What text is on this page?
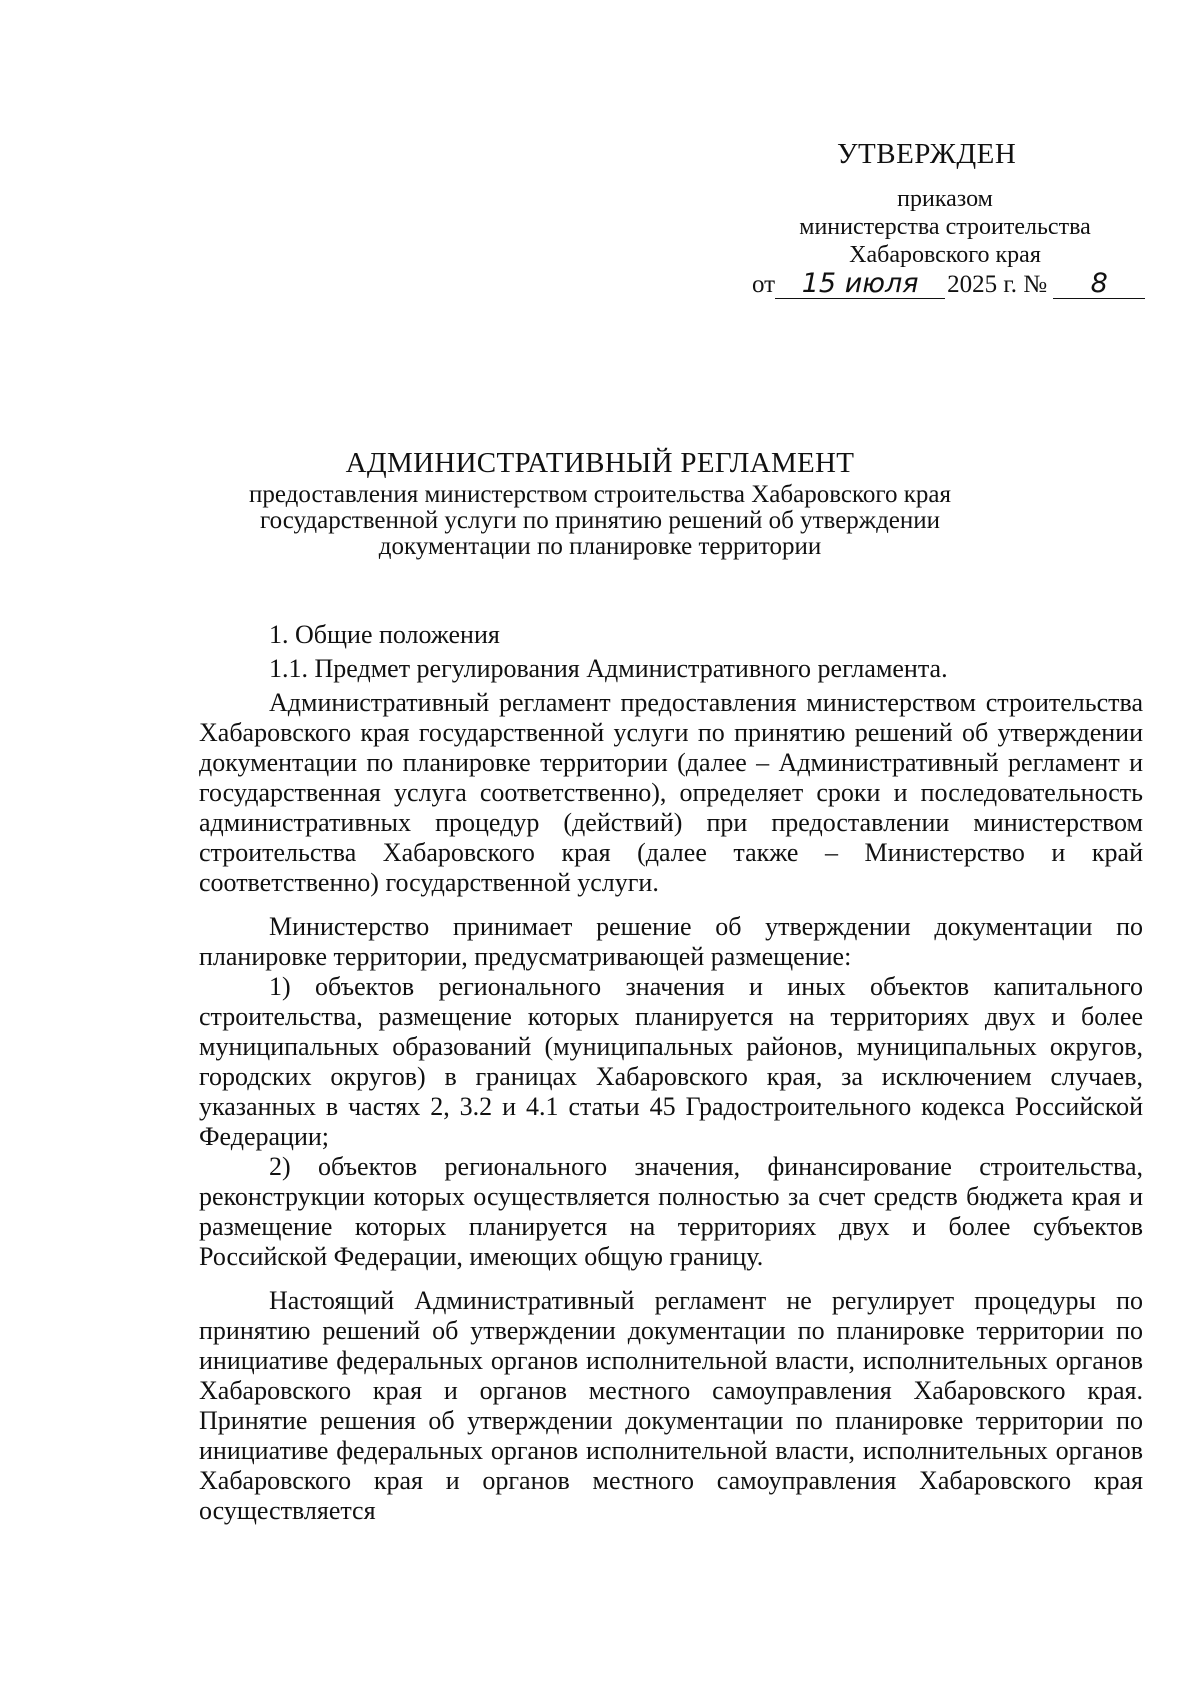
УТВЕРЖДЕН

приказом

министерства строительства

Хабаровского края

от 15 июля	2025 г. №	8
АДМИНИСТРАТИВНЫЙ РЕГЛАМЕНТ

предоставления министерством строительства Хабаровского края

государственной услуги по принятию решений об утверждении

документации по планировке территории

1. Общие положения

1.1. Предмет регулирования Административного регламента.

Административный регламент предоставления министерством строительства Хабаровского края государственной услуги по принятию решений об утверждении документации по планировке территории (далее – Административный регламент и государственная услуга соответственно), определяет сроки и последовательность административных процедур (действий) при предоставлении министерством строительства Хабаровского края (далее также – Министерство и край соответственно) государственной услуги.

Министерство принимает решение об утверждении документации по планировке территории, предусматривающей размещение:

1) объектов регионального значения и иных объектов капитального строительства, размещение которых планируется на территориях двух и более муниципальных образований (муниципальных районов, муниципальных округов, городских округов) в границах Хабаровского края, за исключением случаев, указанных в частях 2, 3.2 и 4.1 статьи 45 Градостроительного кодекса Российской Федерации;

2) объектов регионального значения, финансирование строительства, реконструкции которых осуществляется полностью за счет средств бюджета края и размещение которых планируется на территориях двух и более субъектов Российской Федерации, имеющих общую границу.

Настоящий Административный регламент не регулирует процедуры по принятию решений об утверждении документации по планировке территории по инициативе федеральных органов исполнительной власти, исполнительных органов Хабаровского края и органов местного самоуправления Хабаровского края. Принятие решения об утверждении документации по планировке территории по инициативе федеральных органов исполнительной власти, исполнительных органов Хабаровского края и органов местного самоуправления Хабаровского края осуществляется
